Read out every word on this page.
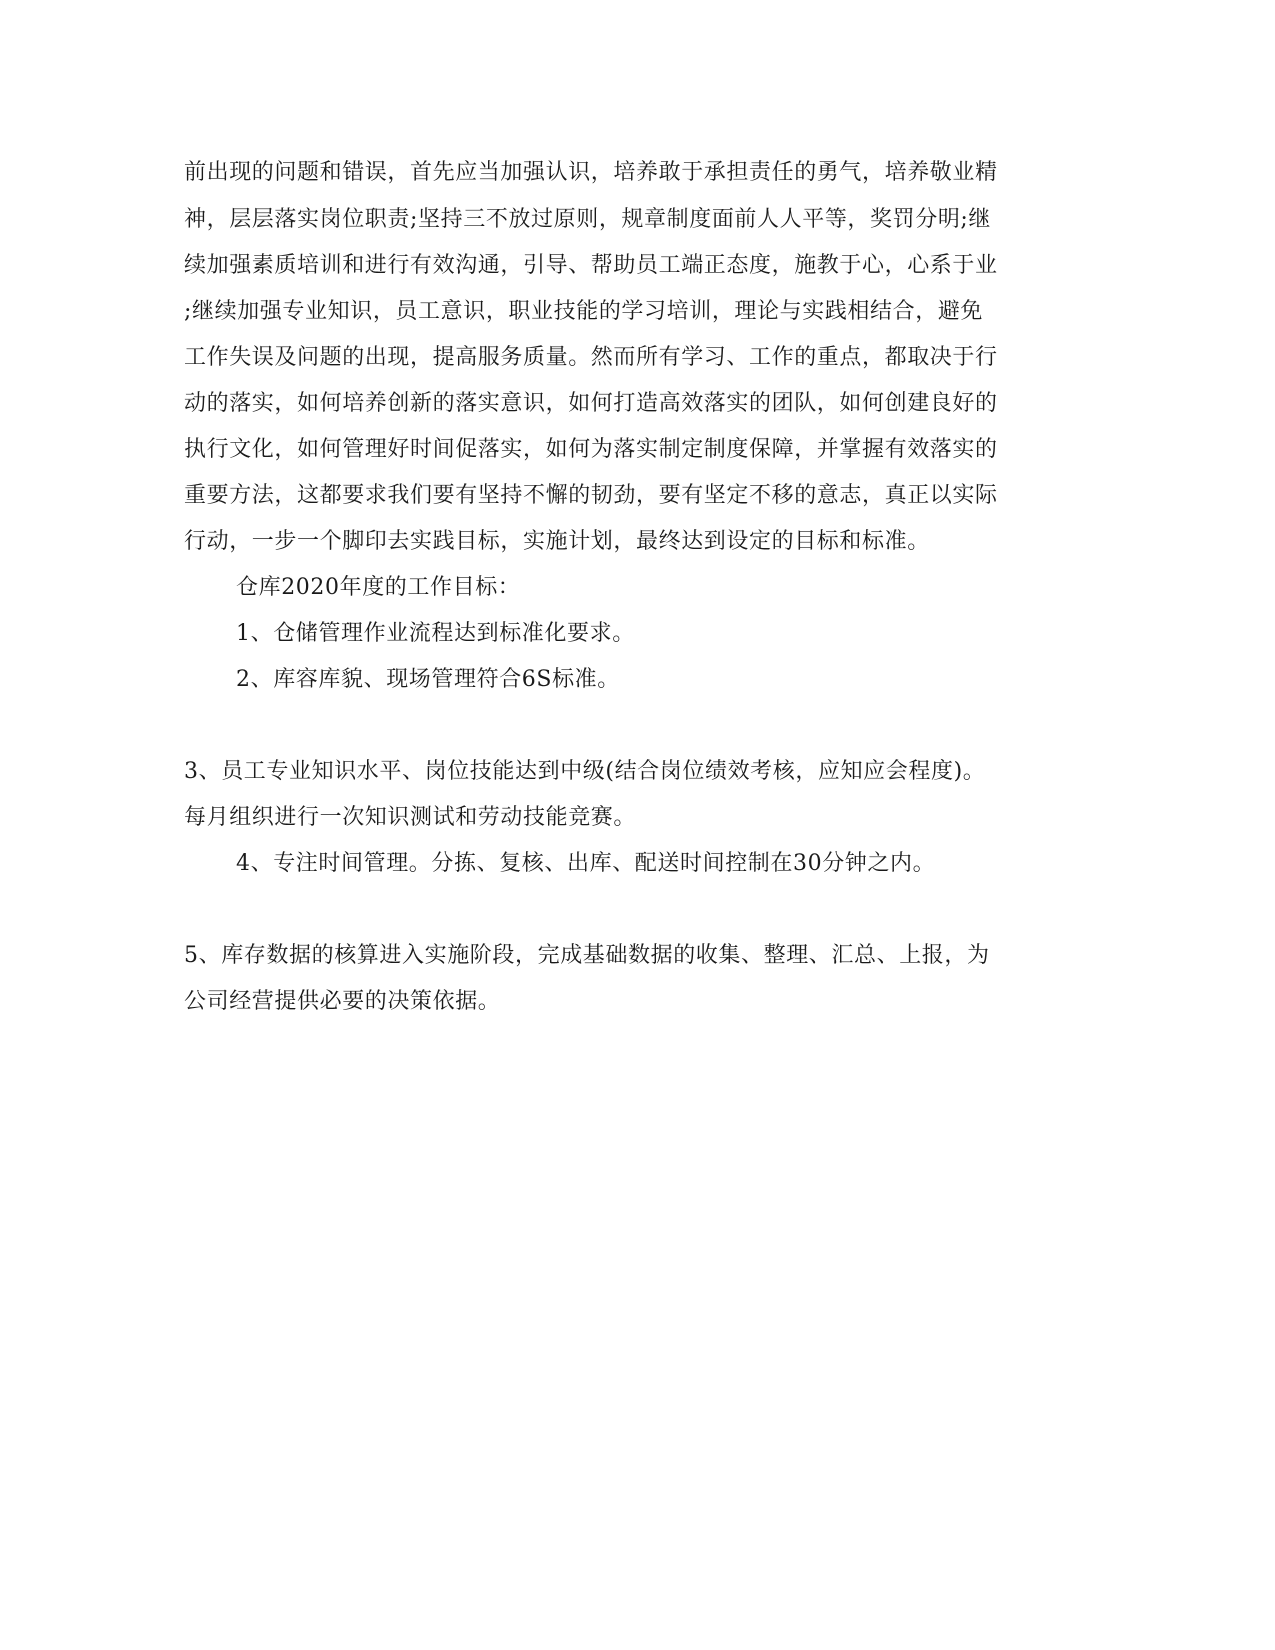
前出现的问题和错误，首先应当加强认识，培养敢于承担责任的勇气，培养敬业精
神，层层落实岗位职责;坚持三不放过原则，规章制度面前人人平等，奖罚分明;继
续加强素质培训和进行有效沟通，引导、帮助员工端正态度，施教于心，心系于业
;继续加强专业知识，员工意识，职业技能的学习培训，理论与实践相结合，避免
工作失误及问题的出现，提高服务质量。然而所有学习、工作的重点，都取决于行
动的落实，如何培养创新的落实意识，如何打造高效落实的团队，如何创建良好的
执行文化，如何管理好时间促落实，如何为落实制定制度保障，并掌握有效落实的
重要方法，这都要求我们要有坚持不懈的韧劲，要有坚定不移的意志，真正以实际
行动，一步一个脚印去实践目标，实施计划，最终达到设定的目标和标准。
仓库2020年度的工作目标：
1、仓储管理作业流程达到标准化要求。
2、库容库貌、现场管理符合6S标准。
3、员工专业知识水平、岗位技能达到中级(结合岗位绩效考核，应知应会程度)。
每月组织进行一次知识测试和劳动技能竞赛。
4、专注时间管理。分拣、复核、出库、配送时间控制在30分钟之内。
5、库存数据的核算进入实施阶段，完成基础数据的收集、整理、汇总、上报，为
公司经营提供必要的决策依据。
